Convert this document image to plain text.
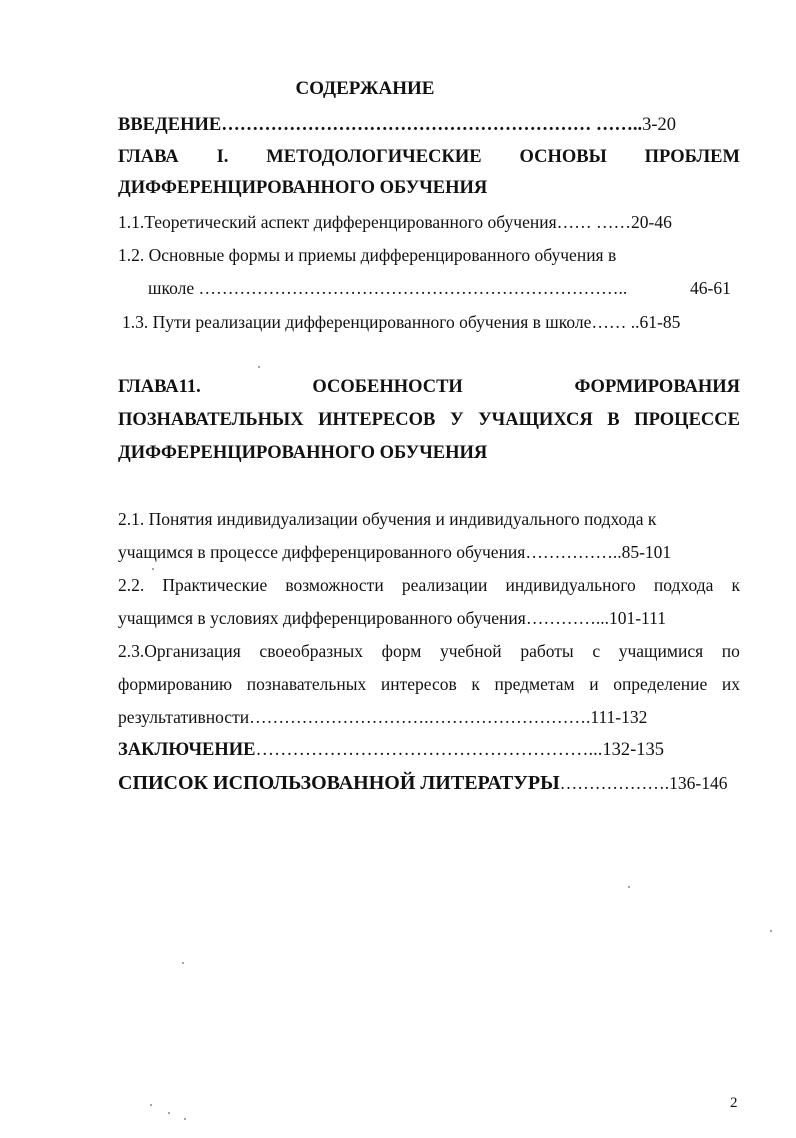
СОДЕРЖАНИЕ
ВВЕДЕНИЕ…………………………………………………… ……..3-20
ГЛАВА I. МЕТОДОЛОГИЧЕСКИЕ ОСНОВЫ ПРОБЛЕМ
ДИФФЕРЕНЦИРОВАННОГО ОБУЧЕНИЯ
1.1.Теоретический аспект дифференцированного обучения…… ……20-46
1.2. Основные формы и приемы дифференцированного обучения в
школе ………………………………………………………………..	46-61
1.3. Пути реализации дифференцированного обучения в школе…… ..61-85
ГЛАВА11.	ОСОБЕННОСТИ	ФОРМИРОВАНИЯ
ПОЗНАВАТЕЛЬНЫХ ИНТЕРЕСОВ У УЧАЩИХСЯ В ПРОЦЕССЕ
ДИФФЕРЕНЦИРОВАННОГО ОБУЧЕНИЯ
2.1. Понятия индивидуализации обучения и индивидуального подхода к
учащимся в процессе дифференцированного обучения……………..85-101
2.2. Практические возможности реализации индивидуального подхода к
учащимся в условиях дифференцированного обучения…………...101-111
2.3.Организация своеобразных форм учебной работы с учащимися по
формированию познавательных интересов к предметам и определение их
результативности………………………….……………………….111-132
ЗАКЛЮЧЕНИЕ………………………………………………...132-135
СПИСОК ИСПОЛЬЗОВАННОЙ ЛИТЕРАТУРЫ……………….136-146
2
